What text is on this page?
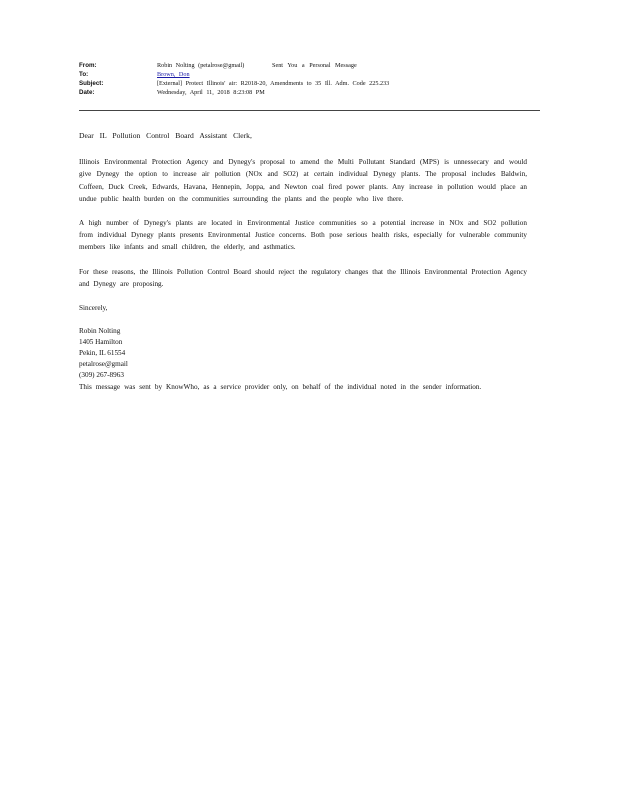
From:	Robin Nolting (petalrose@gmail)	Sent You a Personal Message
To:	Brown, Don
Subject:	[External] Protect Illinois' air: R2018-20, Amendments to 35 Ill. Adm. Code 225.233
Date:	Wednesday, April 11, 2018 8:23:08 PM

Dear IL Pollution Control Board Assistant Clerk,

Illinois Environmental Protection Agency and Dynegy's proposal to amend the Multi Pollutant Standard (MPS) is unnessecary and would give Dynegy the option to increase air pollution (NOx and SO2) at certain individual Dynegy plants. The proposal includes Baldwin, Coffeen, Duck Creek, Edwards, Havana, Hennepin, Joppa, and Newton coal fired power plants. Any increase in pollution would place an undue public health burden on the communities surrounding the plants and the people who live there.

A high number of Dynegy's plants are located in Environmental Justice communities so a potential increase in NOx and SO2 pollution from individual Dynegy plants presents Environmental Justice concerns. Both pose serious health risks, especially for vulnerable community members like infants and small children, the elderly, and asthmatics.

For these reasons, the Illinois Pollution Control Board should reject the regulatory changes that the Illinois Environmental Protection Agency and Dynegy are proposing.

Sincerely,
Robin Nolting
1405 Hamilton
Pekin, IL 61554
petalrose@gmail
(309) 267-8963

This message was sent by KnowWho, as a service provider only, on behalf of the individual noted in the sender information.
